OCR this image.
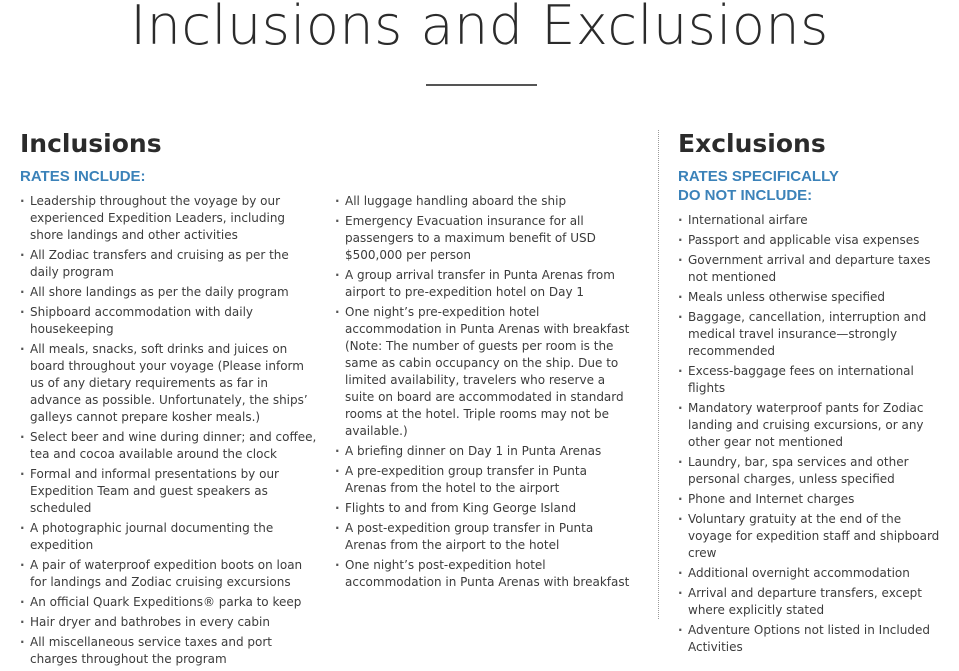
Inclusions and Exclusions
Inclusions
RATES INCLUDE:
· Leadership throughout the voyage by our experienced Expedition Leaders, including shore landings and other activities
· All Zodiac transfers and cruising as per the daily program
· All shore landings as per the daily program
· Shipboard accommodation with daily housekeeping
· All meals, snacks, soft drinks and juices on board throughout your voyage (Please inform us of any dietary requirements as far in advance as possible. Unfortunately, the ships’ galleys cannot prepare kosher meals.)
· Select beer and wine during dinner; and coffee, tea and cocoa available around the clock
· Formal and informal presentations by our Expedition Team and guest speakers as scheduled
· A photographic journal documenting the expedition
· A pair of waterproof expedition boots on loan for landings and Zodiac cruising excursions
· An official Quark Expeditions® parka to keep
· Hair dryer and bathrobes in every cabin
· All miscellaneous service taxes and port charges throughout the program
· All luggage handling aboard the ship
· Emergency Evacuation insurance for all passengers to a maximum benefit of USD $500,000 per person
· A group arrival transfer in Punta Arenas from airport to pre-expedition hotel on Day 1
· One night’s pre-expedition hotel accommodation in Punta Arenas with breakfast (Note: The number of guests per room is the same as cabin occupancy on the ship. Due to limited availability, travelers who reserve a suite on board are accommodated in standard rooms at the hotel. Triple rooms may not be available.)
· A briefing dinner on Day 1 in Punta Arenas
· A pre-expedition group transfer in Punta Arenas from the hotel to the airport
· Flights to and from King George Island
· A post-expedition group transfer in Punta Arenas from the airport to the hotel
· One night’s post-expedition hotel accommodation in Punta Arenas with breakfast
Exclusions
RATES SPECIFICALLY
DO NOT INCLUDE:
· International airfare
· Passport and applicable visa expenses
· Government arrival and departure taxes not mentioned
· Meals unless otherwise specified
· Baggage, cancellation, interruption and medical travel insurance—strongly recommended
· Excess-baggage fees on international flights
· Mandatory waterproof pants for Zodiac landing and cruising excursions, or any other gear not mentioned
· Laundry, bar, spa services and other personal charges, unless specified
· Phone and Internet charges
· Voluntary gratuity at the end of the voyage for expedition staff and shipboard crew
· Additional overnight accommodation
· Arrival and departure transfers, except where explicitly stated
· Adventure Options not listed in Included Activities
